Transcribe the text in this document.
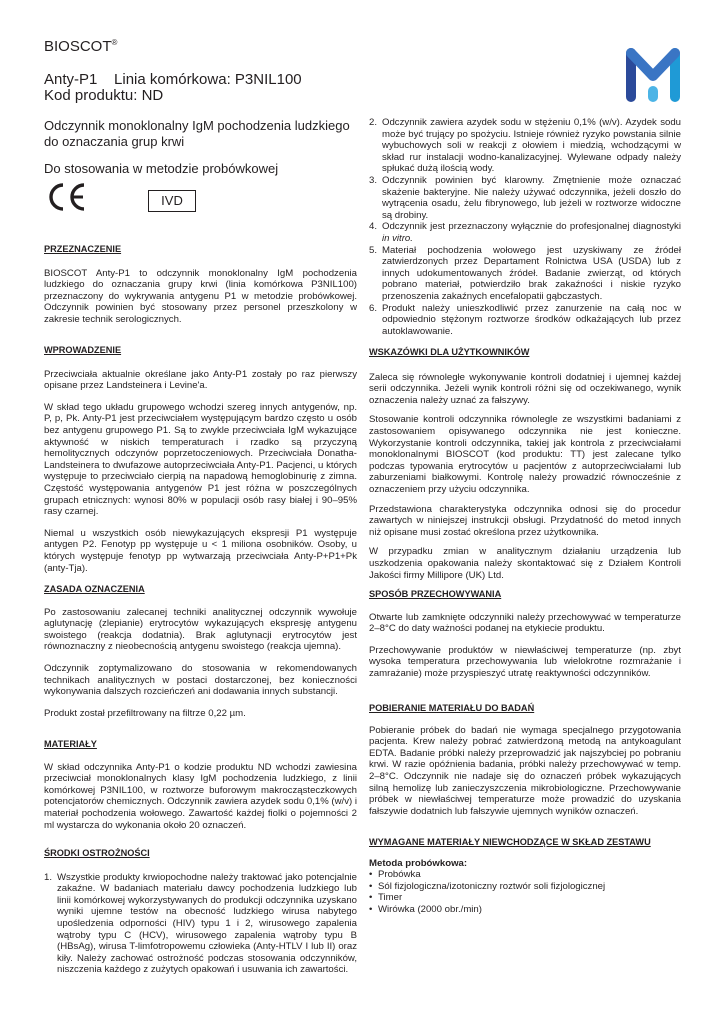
BIOSCOT®
Anty-P1    Linia komórkowa: P3NIL100
Kod produktu: ND
Odczynnik monoklonalny IgM pochodzenia ludzkiego
do oznaczania grup krwi
Do stosowania w metodzie probówkowej
IVD
PRZEZNACZENIE

BIOSCOT Anty-P1 to odczynnik monoklonalny IgM pochodzenia ludzkiego do oznaczania grupy krwi (linia komórkowa P3NIL100) przeznaczony do wykrywania antygenu P1 w metodzie probówkowej. Odczynnik powinien być stosowany przez personel przeszkolony w zakresie technik serologicznych.

WPROWADZENIE

Przeciwciała aktualnie określane jako Anty-P1 zostały po raz pierwszy opisane przez Landsteinera i Levine'a.

W skład tego układu grupowego wchodzi szereg innych antygenów, np. P, p, Pk. Anty-P1 jest przeciwciałem występującym bardzo często u osób bez antygenu grupowego P1. Są to zwykle przeciwciała IgM wykazujące aktywność w niskich temperaturach i rzadko są przyczyną hemolitycznych odczynów poprzetoczeniowych. Przeciwciała Donatha-Landsteinera to dwufazowe autoprzeciwciała Anty-P1. Pacjenci, u których występuje to przeciwciało cierpią na napadową hemoglobinurię z zimna. Częstość występowania antygenów P1 jest różna w poszczególnych grupach etnicznych: wynosi 80% w populacji osób rasy białej i 90–95% rasy czarnej.

Niemal u wszystkich osób niewykazujących ekspresji P1 występuje antygen P2. Fenotyp pp występuje u < 1 miliona osobników. Osoby, u których występuje fenotyp pp wytwarzają przeciwciała Anty-P+P1+Pk (anty-Tja).

ZASADA OZNACZENIA

Po zastosowaniu zalecanej techniki analitycznej odczynnik wywołuje aglutynację (zlepianie) erytrocytów wykazujących ekspresję antygenu swoistego (reakcja dodatnia). Brak aglutynacji erytrocytów jest równoznaczny z nieobecnością antygenu swoistego (reakcja ujemna).

Odczynnik zoptymalizowano do stosowania w rekomendowanych technikach analitycznych w postaci dostarczonej, bez konieczności wykonywania dalszych rozcieńczeń ani dodawania innych substancji.

Produkt został przefiltrowany na filtrze 0,22 µm.

MATERIAŁY

W skład odczynnika Anty-P1 o kodzie produktu ND wchodzi zawiesina przeciwciał monoklonalnych klasy IgM pochodzenia ludzkiego, z linii komórkowej P3NIL100, w roztworze buforowym makrocząsteczkowych potencjatorów chemicznych. Odczynnik zawiera azydek sodu 0,1% (w/v) i materiał pochodzenia wołowego. Zawartość każdej fiolki o pojemności 2 ml wystarcza do wykonania około 20 oznaczeń.

ŚRODKI OSTROŻNOŚCI
1. Wszystkie produkty krwiopochodne należy traktować jako potencjalnie zakaźne. W badaniach materiału dawcy pochodzenia ludzkiego lub linii komórkowej wykorzystywanych do produkcji odczynnika uzyskano wyniki ujemne testów na obecność ludzkiego wirusa nabytego upośledzenia odporności (HIV) typu 1 i 2, wirusowego zapalenia wątroby typu C (HCV), wirusowego zapalenia wątroby typu B (HBsAg), wirusa T-limfotropowemu człowieka (Anty-HTLV I lub II) oraz kiły. Należy zachować ostrożność podczas stosowania odczynników, niszczenia każdego z zużytych opakowań i usuwania ich zawartości.
2. Odczynnik zawiera azydek sodu w stężeniu 0,1% (w/v). Azydek sodu może być trujący po spożyciu. Istnieje również ryzyko powstania silnie wybuchowych soli w reakcji z ołowiem i miedzią, wchodzącymi w skład rur instalacji wodno-kanalizacyjnej. Wylewane odpady należy spłukać dużą ilością wody.
3. Odczynnik powinien być klarowny. Zmętnienie może oznaczać skażenie bakteryjne. Nie należy używać odczynnika, jeżeli doszło do wytrącenia osadu, żelu fibrynowego, lub jeżeli w roztworze widoczne są drobiny.
4. Odczynnik jest przeznaczony wyłącznie do profesjonalnej diagnostyki in vitro.
5. Materiał pochodzenia wołowego jest uzyskiwany ze źródeł zatwierdzonych przez Departament Rolnictwa USA (USDA) lub z innych udokumentowanych źródeł. Badanie zwierząt, od których pobrano materiał, potwierdziło brak zakaźności i niskie ryzyko przenoszenia zakaźnych encefalopatii gąbczastych.
6. Produkt należy unieszkodliwić przez zanurzenie na całą noc w odpowiednio stężonym roztworze środków odkażających lub przez autoklawowanie.
WSKAZÓWKI DLA UŻYTKOWNIKÓW

Zaleca się równoległe wykonywanie kontroli dodatniej i ujemnej każdej serii odczynnika. Jeżeli wynik kontroli różni się od oczekiwanego, wynik oznaczenia należy uznać za fałszywy.

Stosowanie kontroli odczynnika równolegle ze wszystkimi badaniami z zastosowaniem opisywanego odczynnika nie jest konieczne. Wykorzystanie kontroli odczynnika, takiej jak kontrola z przeciwciałami monoklonalnymi BIOSCOT (kod produktu: TT) jest zalecane tylko podczas typowania erytrocytów u pacjentów z autoprzeciwciałami lub zaburzeniami białkowymi. Kontrolę należy prowadzić równocześnie z oznaczeniem przy użyciu odczynnika.

Przedstawiona charakterystyka odczynnika odnosi się do procedur zawartych w niniejszej instrukcji obsługi. Przydatność do metod innych niż opisane musi zostać określona przez użytkownika.

W przypadku zmian w analitycznym działaniu urządzenia lub uszkodzenia opakowania należy skontaktować się z Działem Kontroli Jakości firmy Millipore (UK) Ltd.

SPOSÓB PRZECHOWYWANIA

Otwarte lub zamknięte odczynniki należy przechowywać w temperaturze 2–8°C do daty ważności podanej na etykiecie produktu.

Przechowywanie produktów w niewłaściwej temperaturze (np. zbyt wysoka temperatura przechowywania lub wielokrotne rozmrażanie i zamrażanie) może przyspieszyć utratę reaktywności odczynników.

POBIERANIE MATERIAŁU DO BADAŃ

Pobieranie próbek do badań nie wymaga specjalnego przygotowania pacjenta. Krew należy pobrać zatwierdzoną metodą na antykoagulant EDTA. Badanie próbki należy przeprowadzić jak najszybciej po pobraniu krwi. W razie opóźnienia badania, próbki należy przechowywać w temp. 2–8°C. Odczynnik nie nadaje się do oznaczeń próbek wykazujących silną hemolizę lub zanieczyszczenia mikrobiologiczne. Przechowywanie próbek w niewłaściwej temperaturze może prowadzić do uzyskania fałszywie dodatnich lub fałszywie ujemnych wyników oznaczeń.

WYMAGANE MATERIAŁY NIEWCHODZĄCE W SKŁAD ZESTAWU
Metoda probówkowa:
• Probówka
• Sól fizjologiczna/izotoniczny roztwór soli fizjologicznej
• Timer
• Wirówka (2000 obr./min)
